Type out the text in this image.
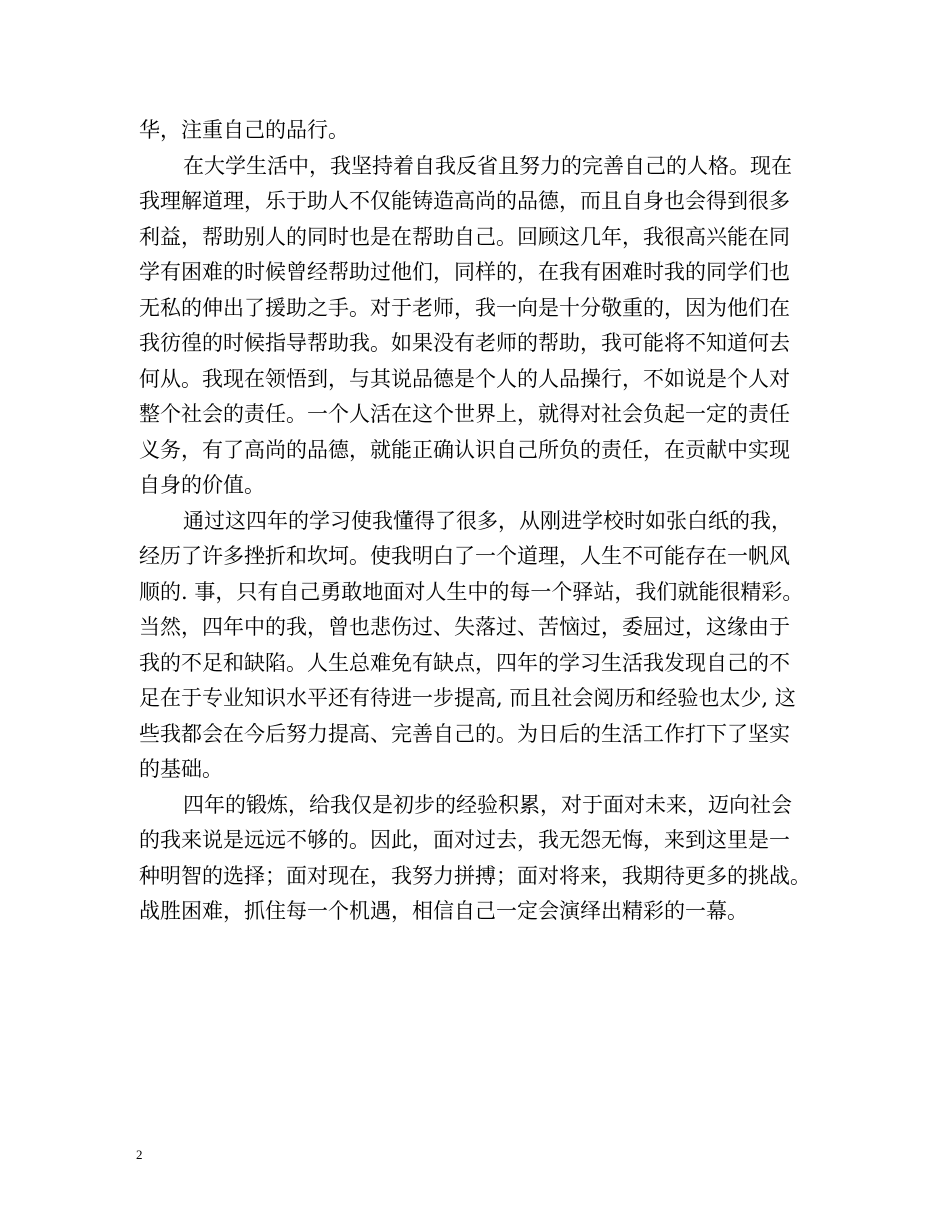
华，注重自己的品行。
在大学生活中，我坚持着自我反省且努力的完善自己的人格。现在
我理解道理，乐于助人不仅能铸造高尚的品德，而且自身也会得到很多
利益，帮助别人的同时也是在帮助自己。回顾这几年，我很高兴能在同
学有困难的时候曾经帮助过他们，同样的，在我有困难时我的同学们也
无私的伸出了援助之手。对于老师，我一向是十分敬重的，因为他们在
我彷徨的时候指导帮助我。如果没有老师的帮助，我可能将不知道何去
何从。我现在领悟到，与其说品德是个人的人品操行，不如说是个人对
整个社会的责任。一个人活在这个世界上，就得对社会负起一定的责任
义务，有了高尚的品德，就能正确认识自己所负的责任，在贡献中实现
自身的价值。
通过这四年的学习使我懂得了很多，从刚进学校时如张白纸的我，
经历了许多挫折和坎坷。使我明白了一个道理，人生不可能存在一帆风
顺的. 事，只有自己勇敢地面对人生中的每一个驿站，我们就能很精彩。
当然，四年中的我，曾也悲伤过、失落过、苦恼过，委屈过，这缘由于
我的不足和缺陷。人生总难免有缺点，四年的学习生活我发现自己的不
足在于专业知识水平还有待进一步提高, 而且社会阅历和经验也太少, 这
些我都会在今后努力提高、完善自己的。为日后的生活工作打下了坚实
的基础。
四年的锻炼，给我仅是初步的经验积累，对于面对未来，迈向社会
的我来说是远远不够的。因此，面对过去，我无怨无悔，来到这里是一
种明智的选择；面对现在，我努力拼搏；面对将来，我期待更多的挑战。
战胜困难，抓住每一个机遇，相信自己一定会演绎出精彩的一幕。
2
